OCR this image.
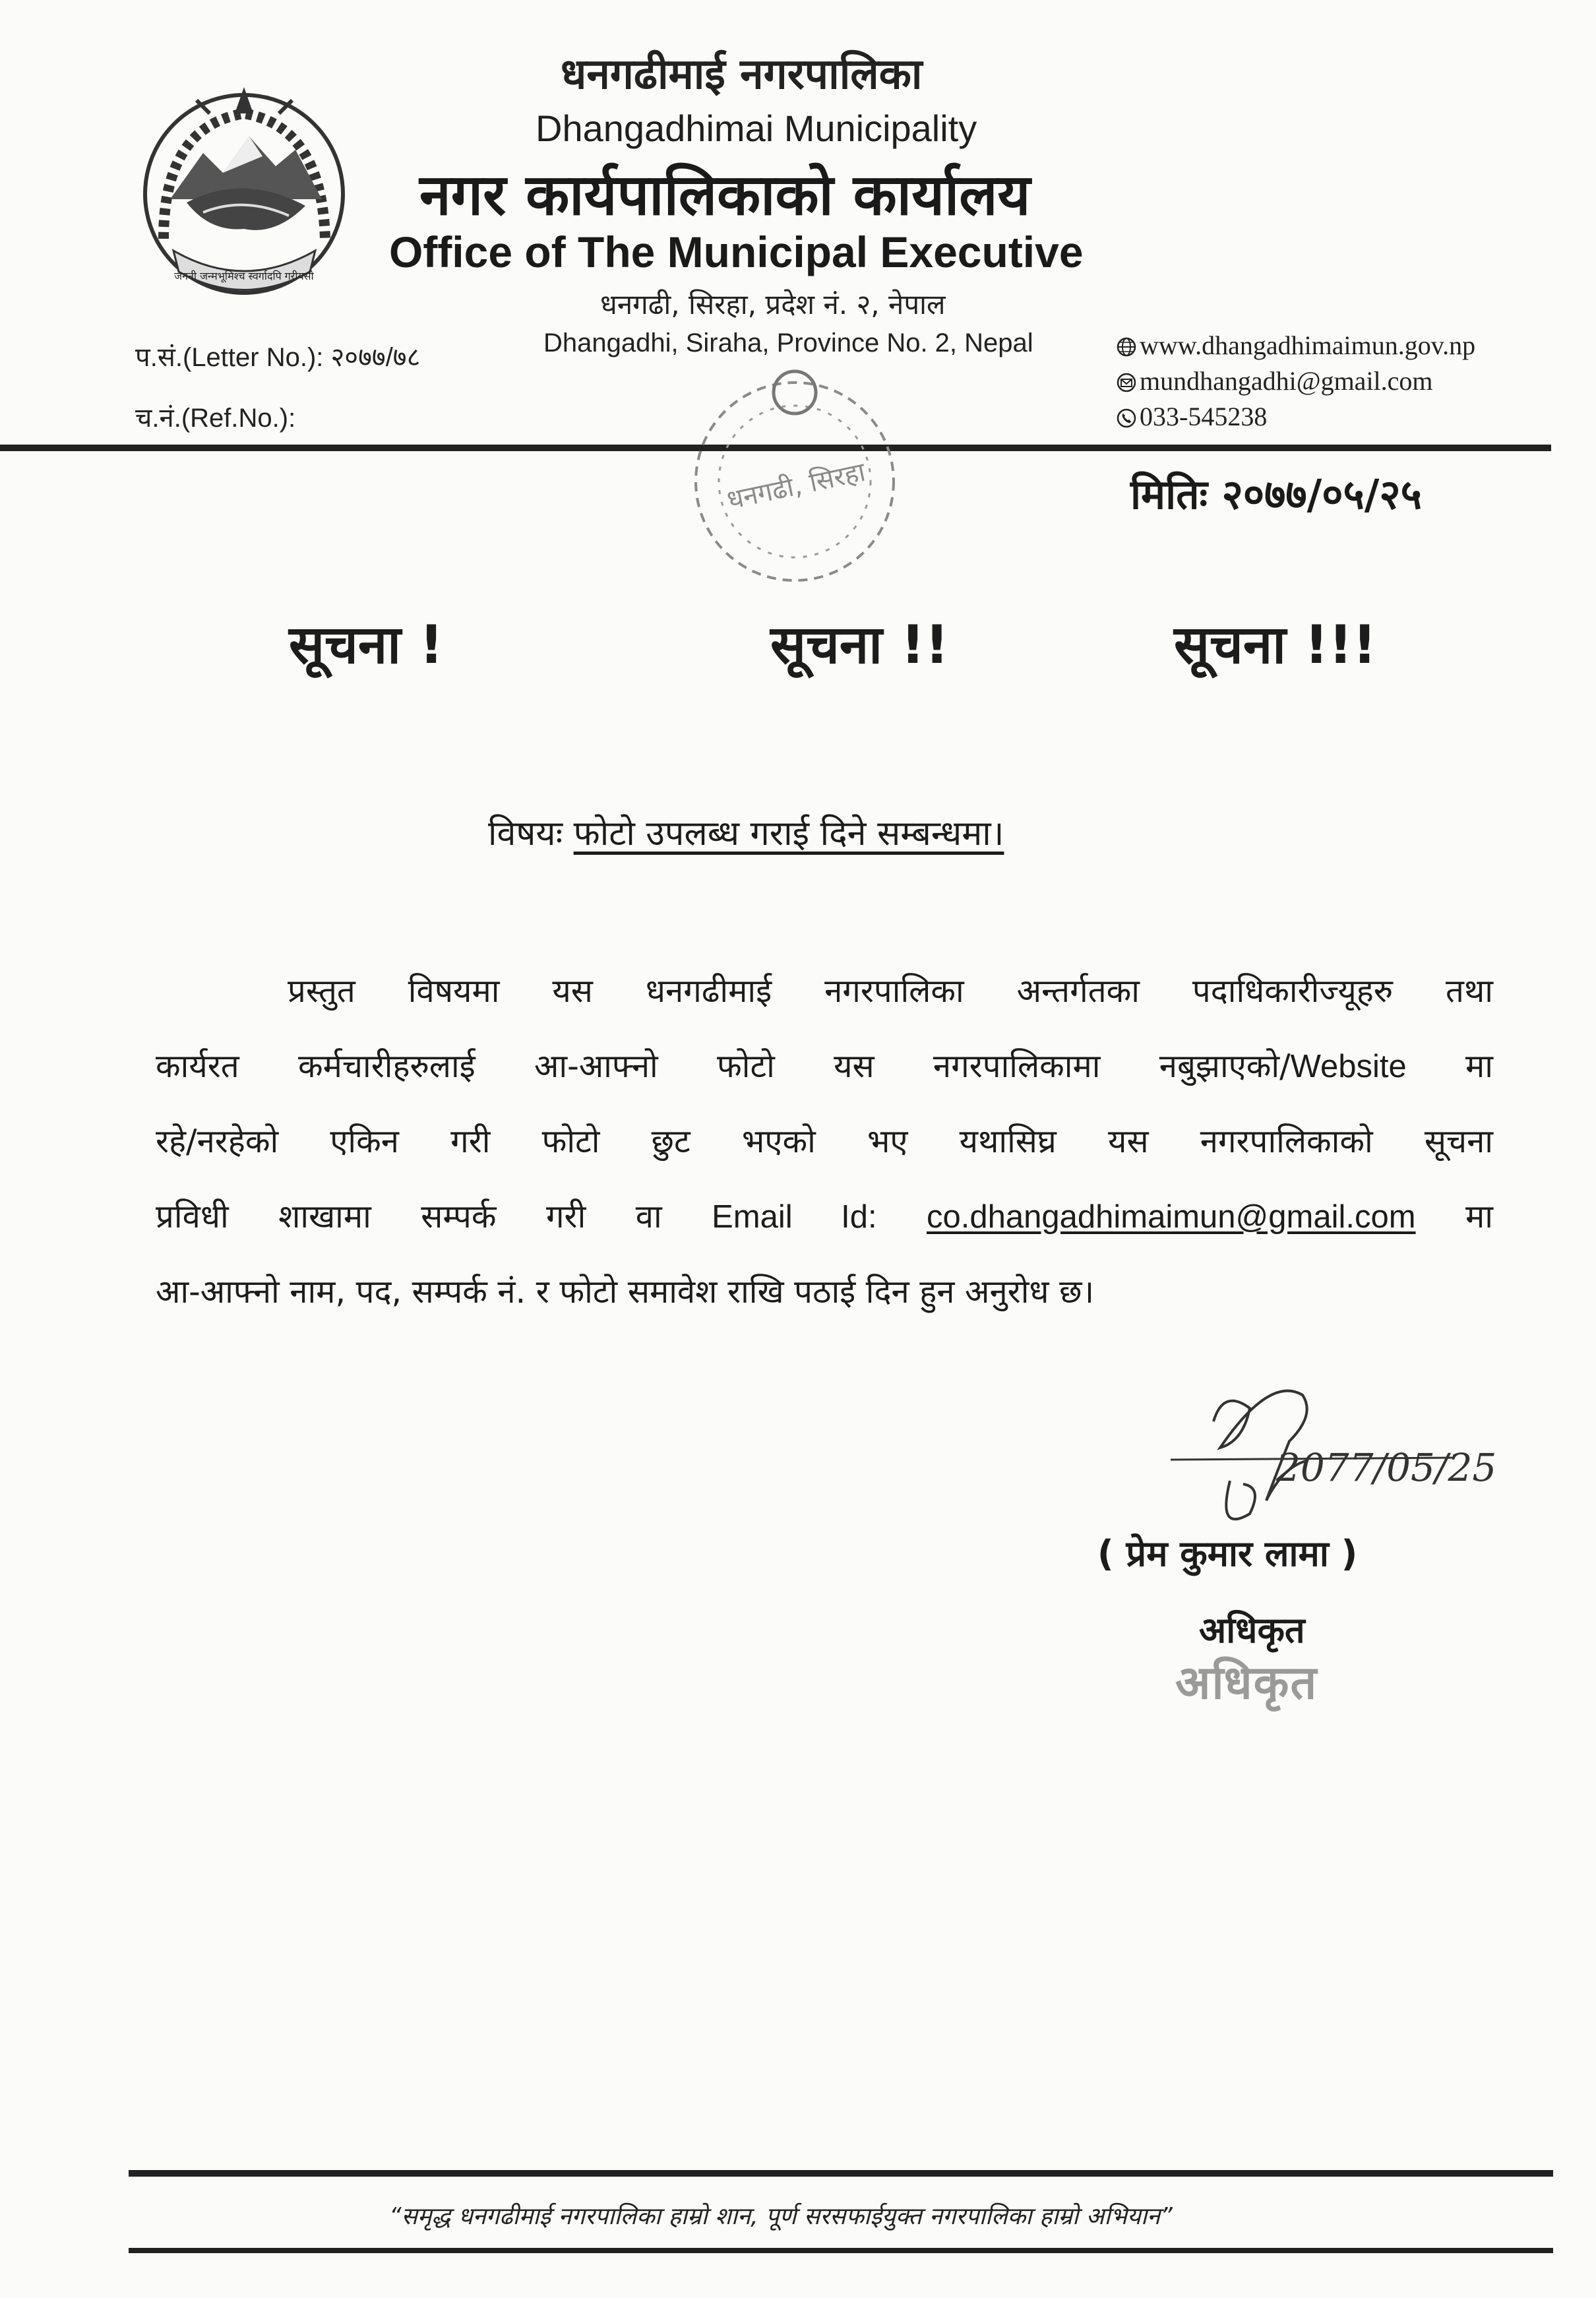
जननी जन्मभूमिश्च स्वर्गादपि गरीयसी
धनगढीमाई नगरपालिका
Dhangadhimai Municipality
नगर कार्यपालिकाको कार्यालय
Office of The Municipal Executive
धनगढी, सिरहा, प्रदेश नं. २, नेपाल
Dhangadhi, Siraha, Province No. 2, Nepal
प.सं.(Letter No.): २०७७/७८
च.नं.(Ref.No.):
www.dhangadhimaimun.gov.np
mundhangadhi@gmail.com
033-545238
धनगढी, सिरहा	मितिः २०७७/०५/२५
सूचना !	सूचना !!	सूचना !!!
विषयः फोटो उपलब्ध गराई दिने सम्बन्धमा।
प्रस्तुत विषयमा यस धनगढीमाई नगरपालिका अन्तर्गतका पदाधिकारीज्यूहरु तथा
कार्यरत कर्मचारीहरुलाई आ-आफ्नो फोटो यस नगरपालिकामा नबुझाएको/Website मा
रहे/नरहेको एकिन गरी फोटो छुट भएको भए यथासिघ्र यस नगरपालिकाको सूचना
प्रविधी शाखामा सम्पर्क गरी वा Email Id: co.dhangadhimaimun@gmail.com मा
आ-आफ्नो नाम, पद, सम्पर्क नं. र फोटो समावेश राखि पठाई दिन हुन अनुरोध छ।
2077/05/25
( प्रेम कुमार लामा )
अधिकृत
अधिकृत
“समृद्ध धनगढीमाई नगरपालिका हाम्रो शान, पूर्ण सरसफाईयुक्त नगरपालिका हाम्रो अभियान”
